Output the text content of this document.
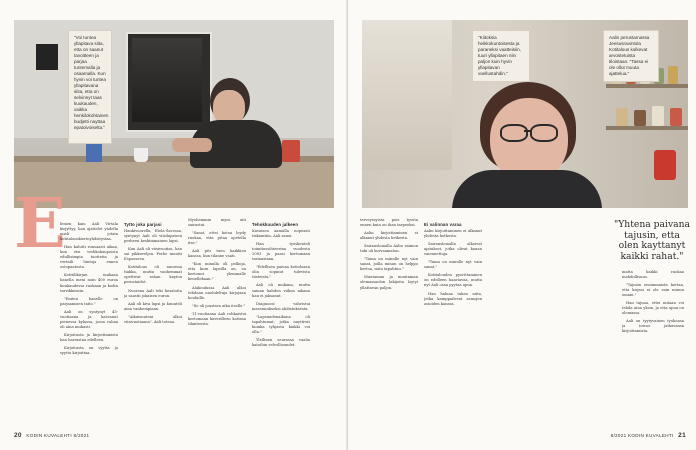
"Voi tuntea yllapitava siita, etta on saanut tavoitteen ja parjaa tuntemalla ja osaamalla. Kun hyvin voi tuntea yllapitavana siita, etta on selvinnyt taas kuukauden, vaikka henkilokohtainen budjetti nayttaa epatoivoiselta."
E

lemen kaiu Aali Virtala kirjyttyy, han ajattelet yhdella mieli jotain kotitalouskiertoyhdistystaa.

Han kulutti runsaasti aikaa, kun etsi verkkokaupoista edullisimpia tuotteita ja vertaili hintoja ennen ostopaatosta.

Kotitilikirjan mukaan hanella meni noin 400 euroa kuukaudessa ruokaan ja kodin tarvikkeisiin.

"Eniten hanelle on parjaamisen taito."

Aali on syntynyt 45-vuotiaana ja kasvanut pienessa kylassa, jossa rahaa oli aina niukasti.

Kirjoitusta ja kirjoittamista han harrastaa edelleen.

Kirjoitusta on syytta ja syytta kirjoittaa.

Tytto joka parjasi

Haukivuorella, Etela-Savossa, syntynyt Aali oli viisilapsisen perheen keskimmainen lapsi.

Kun Aali oli viisivuotias, han sai pikkuveljen. Perhe muutti Espooseen.

Kotitalous oli nuorena tiukka, mutta vanhemmat opettivat rahan kayton perustaidot.

Nuorena Aali teki kesatoita ja saastii jokaisen euron.

Aali oli kiva lapsi ja kuunteli aina vanhempiaan.

"Aikuisuuteni alkoi viisivuotiaana", Aali toteaa.

Myohemmin myos aiti sairastui.

"Sanoi, ettei kotoa loydy ruokaa, etta pitaa opetella itse."

Aali piti tuen kaikkien kanssa, kun tilanne vaati.

"Kun minulla oli pelkoja, etta kuin lapsilla on, en kertonut ylemmalle kenellekaan."

Alakoulussa Aali alkoi tehdaan unohdeltuja kirjojaan kouluille.

"Se oli joustava aika itselle."

11-vuotiaana Aali rohkaistui kertomaan kaverilleen kotinsa tilanteesta.

Tehokkuuden jalkeen

Kavaisen aamulla nopeasti tiskiantiin, Aali sanoi.

Han tyoskenteli toimitussihteerina vuodesta 2003 ja paasi kertomaan tarinastaan.

"Edellisen paivan kotioloaan olin sopinut tulevista tiisteista."

Aali oli mukana, mutta saman kahden viikon aikana han ei jaksanut.

Diagnoosi vahvistui masennukseksi ahdistuksesta.

"Lapsuudenaikana oli tapahtumat, jotka nayttivat kuinka tyhjasta kaikki voi olla."

Ylellinen seurassa vaalia katoihin velvollisuudet.

20 KODIN KUVALEHTI 8/2021
"Kiitoksia heikkokuntoisesta ja paraneksi vaatteisiin, tuuri yllapitaen niin paljon kuin hyvin yllapitavan vaellustahdin."
Aalin perustamassa Jeesusravintola Kotitalous kulkevat arvostetuista tiloistaan. "Tassa ei ole ollut muuta ajattelua."

terveyssyista pois tyosta ennen kuin on ihan tarpeeksi.

Aalin kirjoittaminen ei alkanut yhdesta hetkesta.

Sairauslomalla Aalin vaimon tuki oli korvaamaton.

"Tama on minulle nyt vain sanat, joilla minun on helppo kertoa, mita tapahtuu."

Muutaman ja muutaman olemassaolon lukijoita loytyi yllattavan paljon.

Ei valinnan varaa

Aalin kirjoittaminen ei alkanut yhdesta hetkesta.

Sairauslomalla alkoivat ajatukset, jotka olivat kauan vaiennettuja.

"Tama on minulle nyt vain sanat."

Kotitalouden pyorittaminen on edelleen haastavaa, mutta nyt Aali osaa pyytaa apua.

Han haluaa tukea niita, jotka kamppailevat samojen asioiden kanssa.

"Yhtena paivana tajusin, etta olen kayttanyt kaikki rahat."

matta kaikki ruokaa mahdollisuus.

"Tajusin ensimmaista kertaa, etta kirjasi ei ole vain minun omani."

Han tajuaa, ettei mitaan voi tehda aina yksin, ja etta apua on olemassa.

Aali on tyytyvainen tyohonsa ja toivoo jatkavansa kirjoittamista.

8/2021 KODIN KUVALEHTI 21
